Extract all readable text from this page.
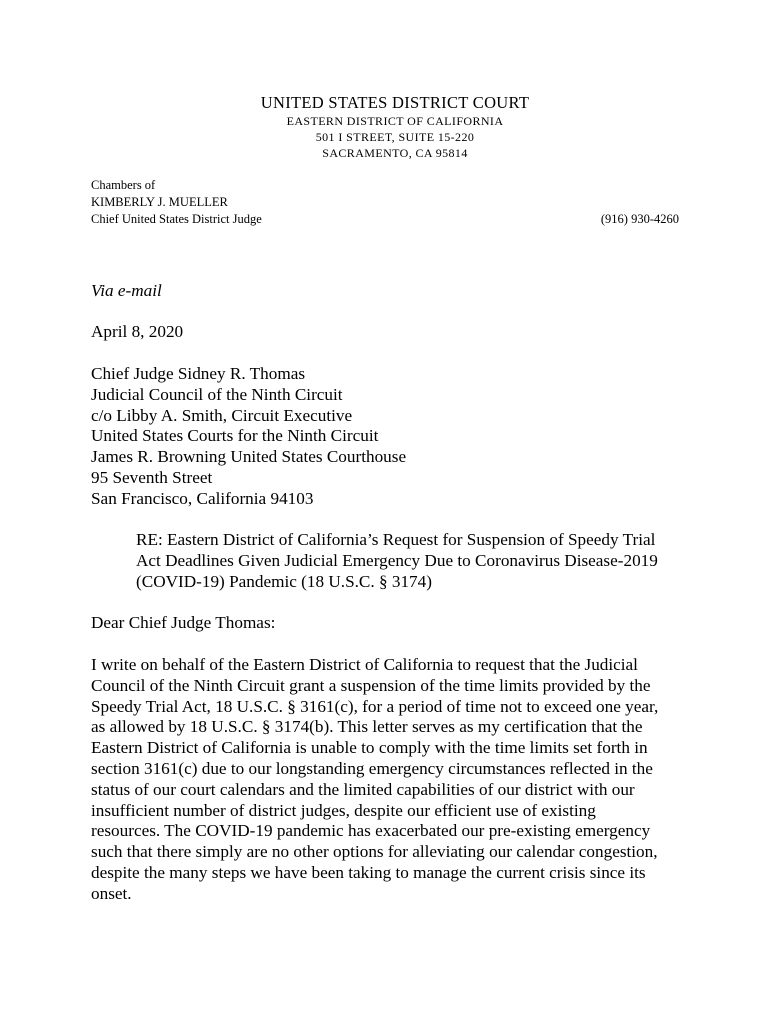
UNITED STATES DISTRICT COURT
EASTERN DISTRICT OF CALIFORNIA
501 I STREET, SUITE 15-220
SACRAMENTO, CA 95814
Chambers of
KIMBERLY J. MUELLER
Chief United States District Judge	(916) 930-4260
Via e-mail
April 8, 2020
Chief Judge Sidney R. Thomas
Judicial Council of the Ninth Circuit
c/o Libby A. Smith, Circuit Executive
United States Courts for the Ninth Circuit
James R. Browning United States Courthouse
95 Seventh Street
San Francisco, California 94103
RE: Eastern District of California’s Request for Suspension of Speedy Trial
Act Deadlines Given Judicial Emergency Due to Coronavirus Disease-2019
(COVID-19) Pandemic (18 U.S.C. § 3174)
Dear Chief Judge Thomas:
I write on behalf of the Eastern District of California to request that the Judicial
Council of the Ninth Circuit grant a suspension of the time limits provided by the
Speedy Trial Act, 18 U.S.C. § 3161(c), for a period of time not to exceed one year,
as allowed by 18 U.S.C. § 3174(b). This letter serves as my certification that the
Eastern District of California is unable to comply with the time limits set forth in
section 3161(c) due to our longstanding emergency circumstances reflected in the
status of our court calendars and the limited capabilities of our district with our
insufficient number of district judges, despite our efficient use of existing
resources. The COVID-19 pandemic has exacerbated our pre-existing emergency
such that there simply are no other options for alleviating our calendar congestion,
despite the many steps we have been taking to manage the current crisis since its
onset.
